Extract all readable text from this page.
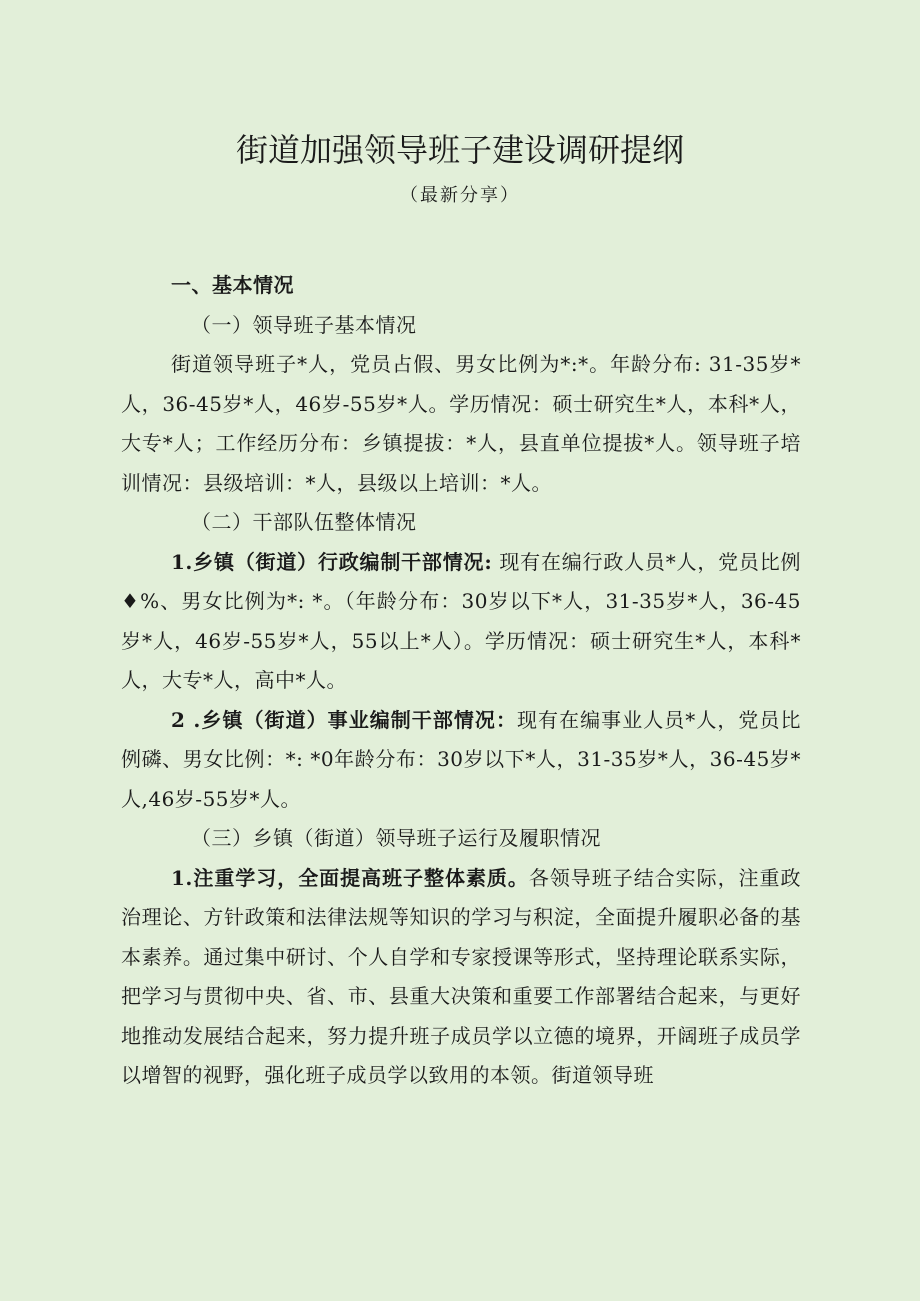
街道加强领导班子建设调研提纲
（最新分享）

一、基本情况

（一）领导班子基本情况

街道领导班子*人，党员占假、男女比例为*:*。年龄分布: 31-35岁*人，36-45岁*人，46岁-55岁*人。学历情况：硕士研究生*人，本科*人，大专*人；工作经历分布：乡镇提拔：*人，县直单位提拔*人。领导班子培训情况：县级培训：*人，县级以上培训：*人。

（二）干部队伍整体情况

1.乡镇（街道）行政编制干部情况: 现有在编行政人员*人，党员比例♦%、男女比例为*: *。（年龄分布：30岁以下*人，31-35岁*人，36-45岁*人，46岁-55岁*人，55以上*人）。学历情况：硕士研究生*人，本科*人，大专*人，高中*人。

2 .乡镇（街道）事业编制干部情况：现有在编事业人员*人，党员比例磷、男女比例：*: *0年龄分布：30岁以下*人，31-35岁*人，36-45岁*人,46岁-55岁*人。

（三）乡镇（街道）领导班子运行及履职情况

1.注重学习，全面提高班子整体素质。各领导班子结合实际，注重政治理论、方针政策和法律法规等知识的学习与积淀，全面提升履职必备的基本素养。通过集中研讨、个人自学和专家授课等形式，坚持理论联系实际，把学习与贯彻中央、省、市、县重大决策和重要工作部署结合起来，与更好地推动发展结合起来，努力提升班子成员学以立德的境界，开阔班子成员学以增智的视野，强化班子成员学以致用的本领。街道领导班
